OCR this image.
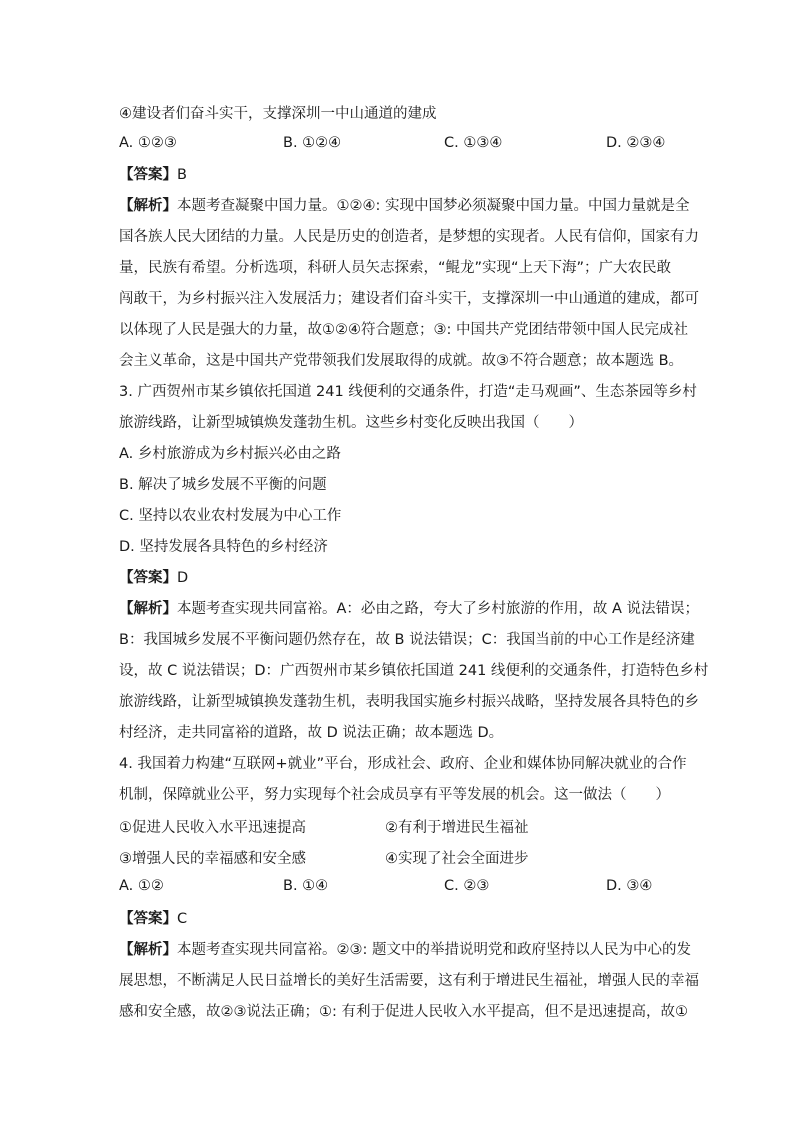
④建设者们奋斗实干，支撑深圳一中山通道的建成
A. ①②③	B. ①②④	C. ①③④	D. ②③④
【答案】B
【解析】本题考查凝聚中国力量。①②④: 实现中国梦必须凝聚中国力量。中国力量就是全
国各族人民大团结的力量。人民是历史的创造者，是梦想的实现者。人民有信仰，国家有力
量，民族有希望。分析选项，科研人员矢志探索，“鲲龙”实现“上天下海”；广大农民敢
闯敢干，为乡村振兴注入发展活力；建设者们奋斗实干，支撑深圳一中山通道的建成，都可
以体现了人民是强大的力量，故①②④符合题意；③: 中国共产党团结带领中国人民完成社
会主义革命，这是中国共产党带领我们发展取得的成就。故③不符合题意；故本题选 B。
3. 广西贺州市某乡镇依托国道 241 线便利的交通条件，打造“走马观画”、生态茶园等乡村
旅游线路，让新型城镇焕发蓬勃生机。这些乡村变化反映出我国（　　）
A. 乡村旅游成为乡村振兴必由之路
B. 解决了城乡发展不平衡的问题
C. 坚持以农业农村发展为中心工作
D. 坚持发展各具特色的乡村经济
【答案】D
【解析】本题考查实现共同富裕。A：必由之路，夸大了乡村旅游的作用，故 A 说法错误；
B：我国城乡发展不平衡问题仍然存在，故 B 说法错误；C：我国当前的中心工作是经济建
设，故 C 说法错误；D：广西贺州市某乡镇依托国道 241 线便利的交通条件，打造特色乡村
旅游线路，让新型城镇换发蓬勃生机，表明我国实施乡村振兴战略，坚持发展各具特色的乡
村经济，走共同富裕的道路，故 D 说法正确；故本题选 D。
4. 我国着力构建“互联网+就业”平台，形成社会、政府、企业和媒体协同解决就业的合作
机制，保障就业公平，努力实现每个社会成员享有平等发展的机会。这一做法（　　）
①促进人民收入水平迅速提高	②有利于增进民生福祉
③增强人民的幸福感和安全感	④实现了社会全面进步
A. ①②	B. ①④	C. ②③	D. ③④
【答案】C
【解析】本题考查实现共同富裕。②③: 题文中的举措说明党和政府坚持以人民为中心的发
展思想，不断满足人民日益增长的美好生活需要，这有利于增进民生福祉，增强人民的幸福
感和安全感，故②③说法正确；①: 有利于促进人民收入水平提高，但不是迅速提高，故①
